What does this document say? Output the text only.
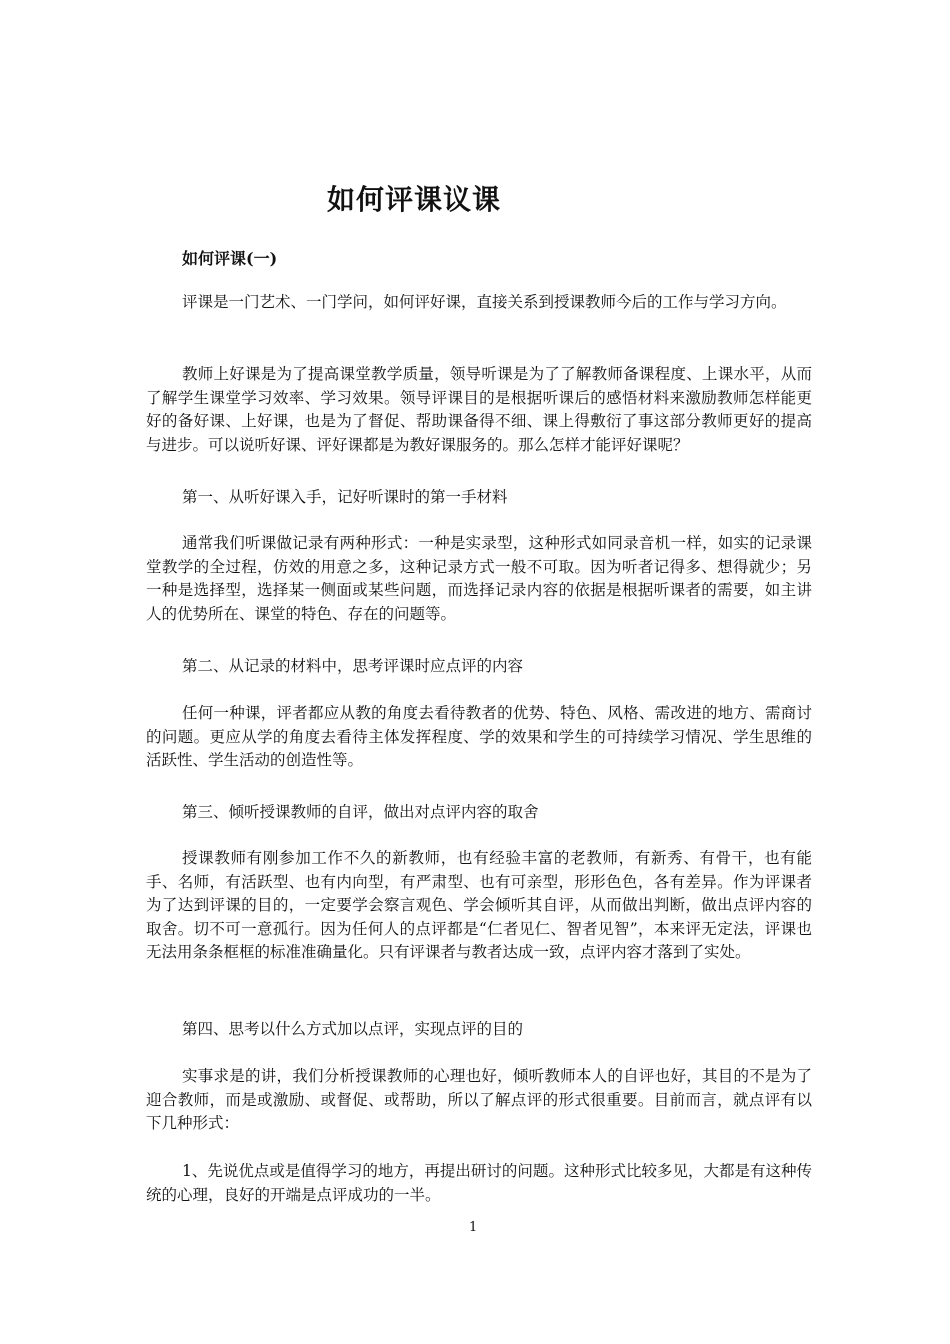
如何评课议课
如何评课(一)

评课是一门艺术、一门学问，如何评好课，直接关系到授课教师今后的工作与学习方向。

教师上好课是为了提高课堂教学质量，领导听课是为了了解教师备课程度、上课水平，从而了解学生课堂学习效率、学习效果。领导评课目的是根据听课后的感悟材料来激励教师怎样能更好的备好课、上好课，也是为了督促、帮助课备得不细、课上得敷衍了事这部分教师更好的提高与进步。可以说听好课、评好课都是为教好课服务的。那么怎样才能评好课呢？

第一、从听好课入手，记好听课时的第一手材料

通常我们听课做记录有两种形式：一种是实录型，这种形式如同录音机一样，如实的记录课堂教学的全过程，仿效的用意之多，这种记录方式一般不可取。因为听者记得多、想得就少；另一种是选择型，选择某一侧面或某些问题，而选择记录内容的依据是根据听课者的需要，如主讲人的优势所在、课堂的特色、存在的问题等。

第二、从记录的材料中，思考评课时应点评的内容

任何一种课，评者都应从教的角度去看待教者的优势、特色、风格、需改进的地方、需商讨的问题。更应从学的角度去看待主体发挥程度、学的效果和学生的可持续学习情况、学生思维的活跃性、学生活动的创造性等。

第三、倾听授课教师的自评，做出对点评内容的取舍

授课教师有刚参加工作不久的新教师，也有经验丰富的老教师，有新秀、有骨干，也有能手、名师，有活跃型、也有内向型，有严肃型、也有可亲型，形形色色，各有差异。作为评课者为了达到评课的目的，一定要学会察言观色、学会倾听其自评，从而做出判断，做出点评内容的取舍。切不可一意孤行。因为任何人的点评都是“仁者见仁、智者见智”，本来评无定法，评课也无法用条条框框的标准准确量化。只有评课者与教者达成一致，点评内容才落到了实处。

第四、思考以什么方式加以点评，实现点评的目的

实事求是的讲，我们分析授课教师的心理也好，倾听教师本人的自评也好，其目的不是为了迎合教师，而是或激励、或督促、或帮助，所以了解点评的形式很重要。目前而言，就点评有以下几种形式：

1、先说优点或是值得学习的地方，再提出研讨的问题。这种形式比较多见，大都是有这种传统的心理，良好的开端是点评成功的一半。

1
